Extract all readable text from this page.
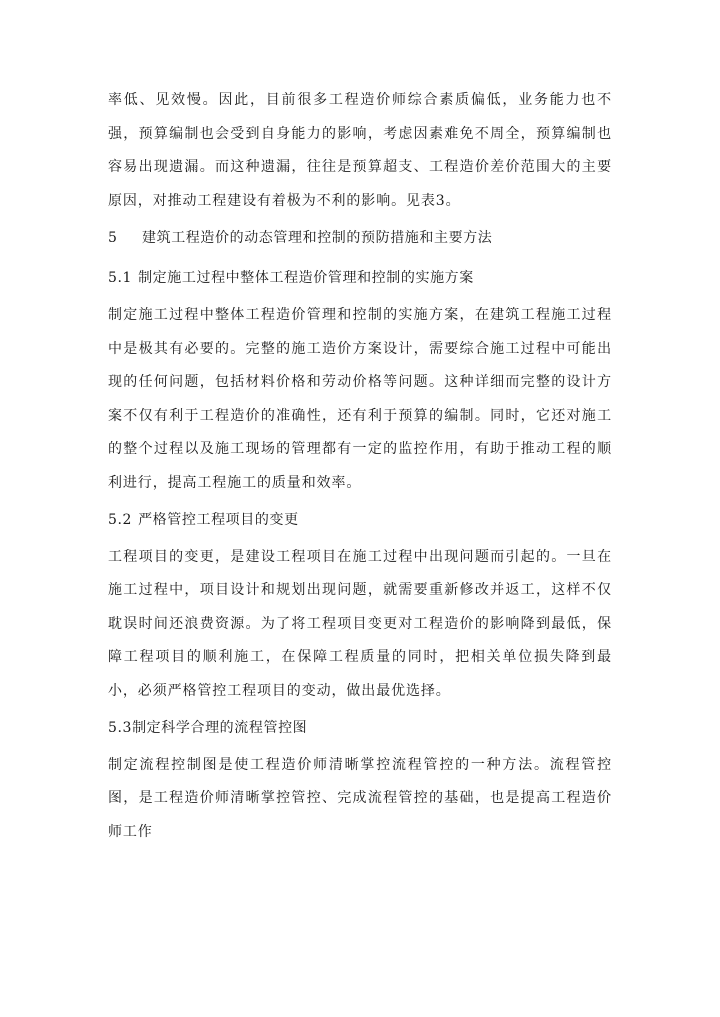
率低、见效慢。因此，目前很多工程造价师综合素质偏低，业务能力也不强，预算编制也会受到自身能力的影响，考虑因素难免不周全，预算编制也容易出现遗漏。而这种遗漏，往往是预算超支、工程造价差价范围大的主要原因，对推动工程建设有着极为不利的影响。见表3。

5 建筑工程造价的动态管理和控制的预防措施和主要方法

5.1 制定施工过程中整体工程造价管理和控制的实施方案

制定施工过程中整体工程造价管理和控制的实施方案，在建筑工程施工过程中是极其有必要的。完整的施工造价方案设计，需要综合施工过程中可能出现的任何问题，包括材料价格和劳动价格等问题。这种详细而完整的设计方案不仅有利于工程造价的准确性，还有利于预算的编制。同时，它还对施工的整个过程以及施工现场的管理都有一定的监控作用，有助于推动工程的顺利进行，提高工程施工的质量和效率。

5.2 严格管控工程项目的变更

工程项目的变更，是建设工程项目在施工过程中出现问题而引起的。一旦在施工过程中，项目设计和规划出现问题，就需要重新修改并返工，这样不仅耽误时间还浪费资源。为了将工程项目变更对工程造价的影响降到最低，保障工程项目的顺利施工，在保障工程质量的同时，把相关单位损失降到最小，必须严格管控工程项目的变动，做出最优选择。

5.3制定科学合理的流程管控图

制定流程控制图是使工程造价师清晰掌控流程管控的一种方法。流程管控图，是工程造价师清晰掌控管控、完成流程管控的基础，也是提高工程造价师工作
